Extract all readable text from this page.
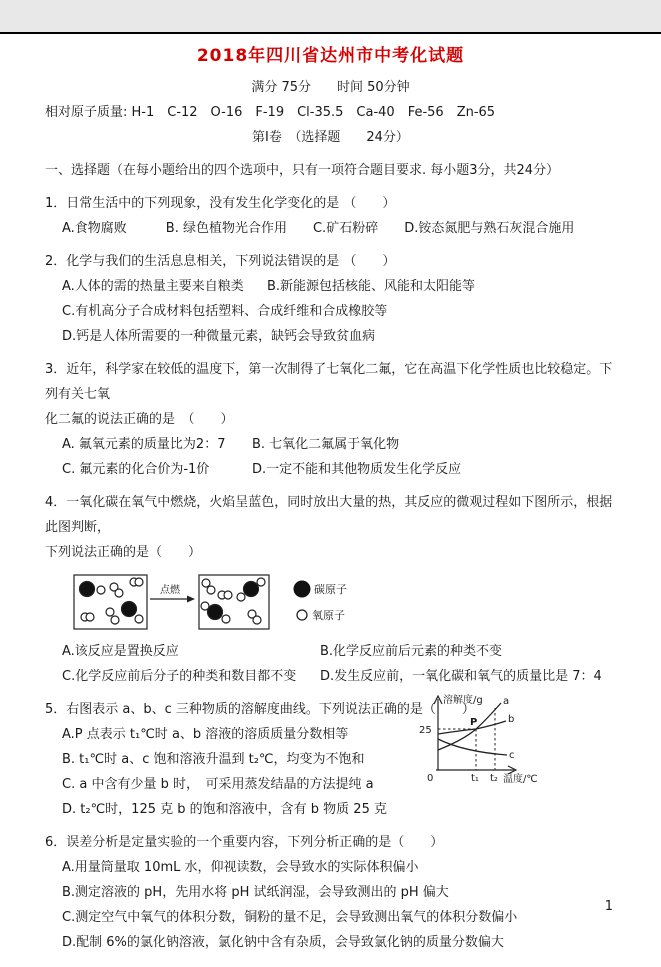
2018年四川省达州市中考化试题
满分 75分　　时间 50分钟
相对原子质量: H-1　C-12　O-16　F-19　Cl-35.5　Ca-40　Fe-56　Zn-65
第I卷　（选择题　　24分）
一、选择题（在每小题给出的四个选项中，只有一项符合题目要求. 每小题3分，共24分）
1．日常生活中的下列现象，没有发生化学变化的是 （　　）
A.食物腐败　　　B. 绿色植物光合作用　　C.矿石粉碎　　D.铵态氮肥与熟石灰混合施用
2．化学与我们的生活息息相关，下列说法错误的是 （　　）
A.人体的需的热量主要来自粮类	B.新能源包括核能、风能和太阳能等
C.有机高分子合成材料包括塑料、合成纤维和合成橡胶等
D.钙是人体所需要的一种微量元素，缺钙会导致贫血病
3．近年，科学家在较低的温度下，第一次制得了七氧化二氟，它在高温下化学性质也比较稳定。下列有关七氧
化二氟的说法正确的是　（　　）
A. 氟氧元素的质量比为2：7	B. 七氧化二氟属于氧化物
C. 氟元素的化合价为-1价	D.一定不能和其他物质发生化学反应
4．一氧化碳在氧气中燃烧，火焰呈蓝色，同时放出大量的热，其反应的微观过程如下图所示，根据此图判断，
下列说法正确的是（　　）
点燃	碳原子
氧原子
A.该反应是置换反应	B.化学反应前后元素的种类不变
C.化学反应前后分子的种类和数目都不变	D.发生反应前，一氧化碳和氧气的质量比是 7：4
5．右图表示 a、b、c 三种物质的溶解度曲线。下列说法正确的是（　　）
A.P 点表示 t₁℃时 a、b 溶液的溶质质量分数相等
B. t₁℃时 a、c 饱和溶液升温到 t₂℃，均变为不饱和
C. a 中含有少量 b 时，　可采用蒸发结晶的方法提纯 a
D. t₂℃时，125 克 b 的饱和溶液中，含有 b 物质 25 克
溶解度/g
25
P
0	t₁ t₂ 温度/℃
a
b
c
6．误差分析是定量实验的一个重要内容，下列分析正确的是（　　）
A.用量筒量取 10mL 水，仰视读数，会导致水的实际体积偏小
B.测定溶液的 pH，先用水将 pH 试纸润湿，会导致测出的 pH 偏大
C.测定空气中氧气的体积分数，铜粉的量不足，会导致测出氧气的体积分数偏小
D.配制 6%的氯化钠溶液，氯化钠中含有杂质，会导致氯化钠的质量分数偏大
1
